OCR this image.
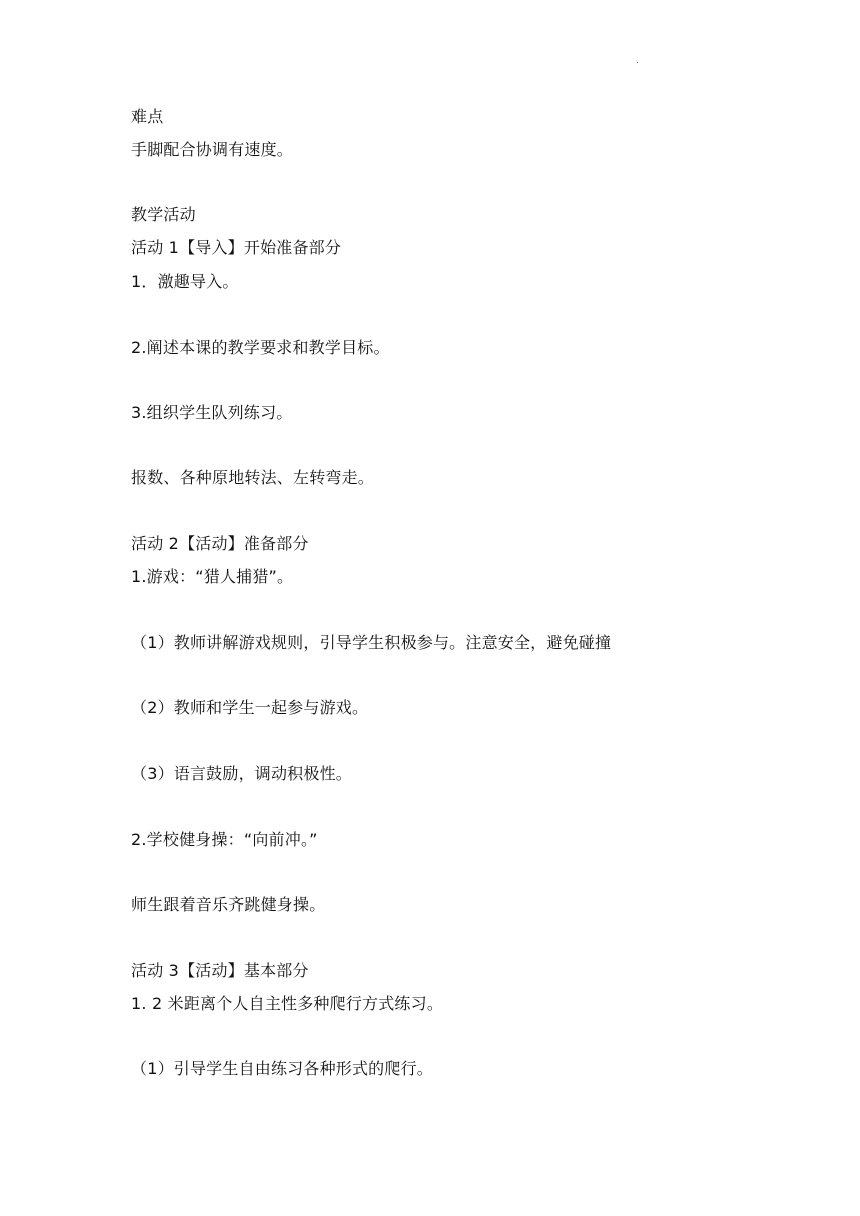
.
难点
手脚配合协调有速度。
教学活动
活动 1【导入】开始准备部分
1．激趣导入。
2.阐述本课的教学要求和教学目标。
3.组织学生队列练习。
报数、各种原地转法、左转弯走。
活动 2【活动】准备部分
1.游戏：“猎人捕猎”。
（1）教师讲解游戏规则，引导学生积极参与。注意安全，避免碰撞
（2）教师和学生一起参与游戏。
（3）语言鼓励，调动积极性。
2.学校健身操：“向前冲。”
师生跟着音乐齐跳健身操。
活动 3【活动】基本部分
1. 2 米距离个人自主性多种爬行方式练习。
（1）引导学生自由练习各种形式的爬行。
